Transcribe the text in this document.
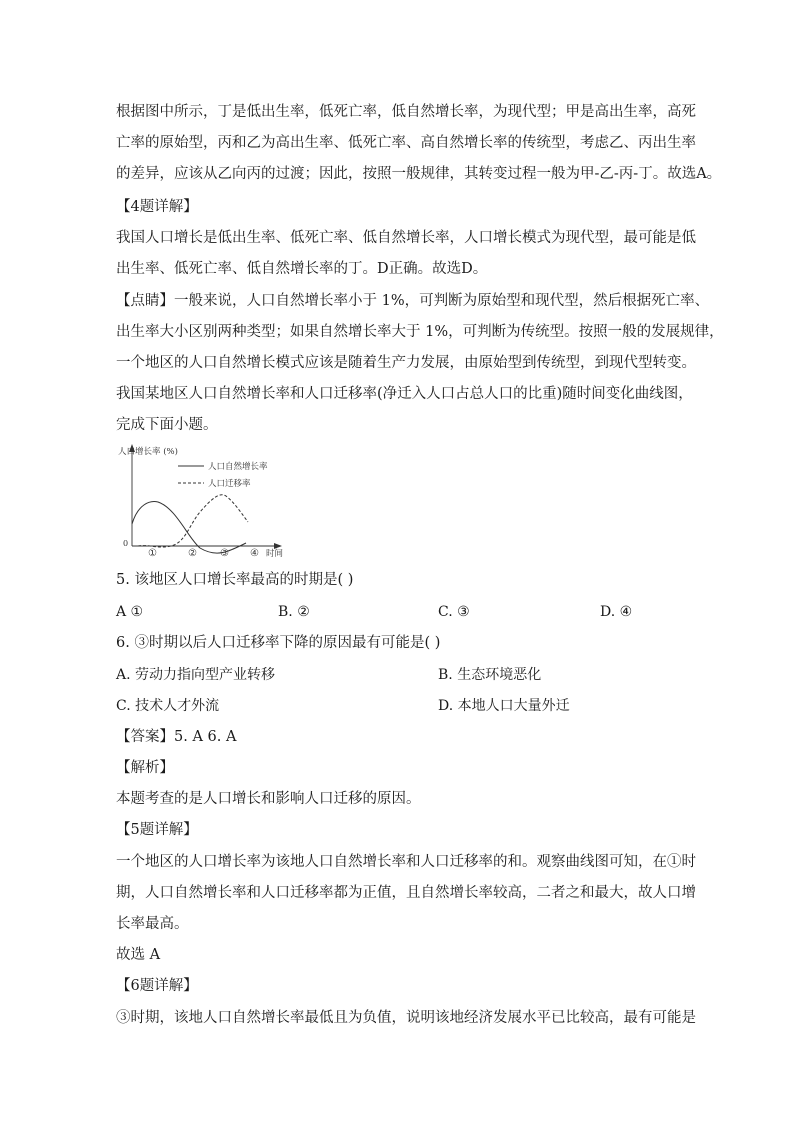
根据图中所示，丁是低出生率，低死亡率，低自然增长率，为现代型；甲是高出生率，高死
亡率的原始型，丙和乙为高出生率、低死亡率、高自然增长率的传统型，考虑乙、丙出生率
的差异，应该从乙向丙的过渡；因此，按照一般规律，其转变过程一般为甲-乙-丙-丁。故选A。
【4题详解】
我国人口增长是低出生率、低死亡率、低自然增长率，人口增长模式为现代型，最可能是低
出生率、低死亡率、低自然增长率的丁。D正确。故选D。
【点睛】一般来说，人口自然增长率小于 1%，可判断为原始型和现代型，然后根据死亡率、
出生率大小区别两种类型；如果自然增长率大于 1%，可判断为传统型。按照一般的发展规律，
一个地区的人口自然增长模式应该是随着生产力发展，由原始型到传统型，到现代型转变。
我国某地区人口自然增长率和人口迁移率(净迁入人口占总人口的比重)随时间变化曲线图，
完成下面小题。
人口增长率 (%)
0
时间
人口自然增长率
人口迁移率
①	② ③ ④
5. 该地区人口增长率最高的时期是( )
A ①	B. ②	C. ③	D. ④
6. ③时期以后人口迁移率下降的原因最有可能是( )
A. 劳动力指向型产业转移	B. 生态环境恶化
C. 技术人才外流	D. 本地人口大量外迁
【答案】5. A 6. A
【解析】
本题考查的是人口增长和影响人口迁移的原因。
【5题详解】
一个地区的人口增长率为该地人口自然增长率和人口迁移率的和。观察曲线图可知，在①时
期，人口自然增长率和人口迁移率都为正值，且自然增长率较高，二者之和最大，故人口增
长率最高。
故选 A
【6题详解】
③时期，该地人口自然增长率最低且为负值，说明该地经济发展水平已比较高，最有可能是
